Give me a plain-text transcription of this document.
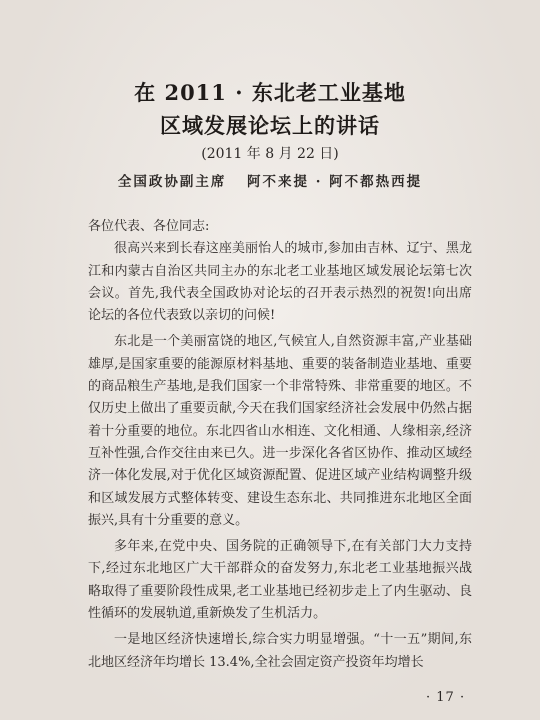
在 2011 · 东北老工业基地
区域发展论坛上的讲话
(2011 年 8 月 22 日)
全国政协副主席 阿不来提 · 阿不都热西提

各位代表、各位同志:

很高兴来到长春这座美丽怡人的城市,参加由吉林、辽宁、黑龙江和内蒙古自治区共同主办的东北老工业基地区域发展论坛第七次会议。首先,我代表全国政协对论坛的召开表示热烈的祝贺!向出席论坛的各位代表致以亲切的问候!

东北是一个美丽富饶的地区,气候宜人,自然资源丰富,产业基础雄厚,是国家重要的能源原材料基地、重要的装备制造业基地、重要的商品粮生产基地,是我们国家一个非常特殊、非常重要的地区。不仅历史上做出了重要贡献,今天在我们国家经济社会发展中仍然占据着十分重要的地位。东北四省山水相连、文化相通、人缘相亲,经济互补性强,合作交往由来已久。进一步深化各省区协作、推动区域经济一体化发展,对于优化区域资源配置、促进区域产业结构调整升级和区域发展方式整体转变、建设生态东北、共同推进东北地区全面振兴,具有十分重要的意义。

多年来,在党中央、国务院的正确领导下,在有关部门大力支持下,经过东北地区广大干部群众的奋发努力,东北老工业基地振兴战略取得了重要阶段性成果,老工业基地已经初步走上了内生驱动、良性循环的发展轨道,重新焕发了生机活力。

一是地区经济快速增长,综合实力明显增强。“十一五”期间,东北地区经济年均增长 13.4%,全社会固定资产投资年均增长

· 17 ·
